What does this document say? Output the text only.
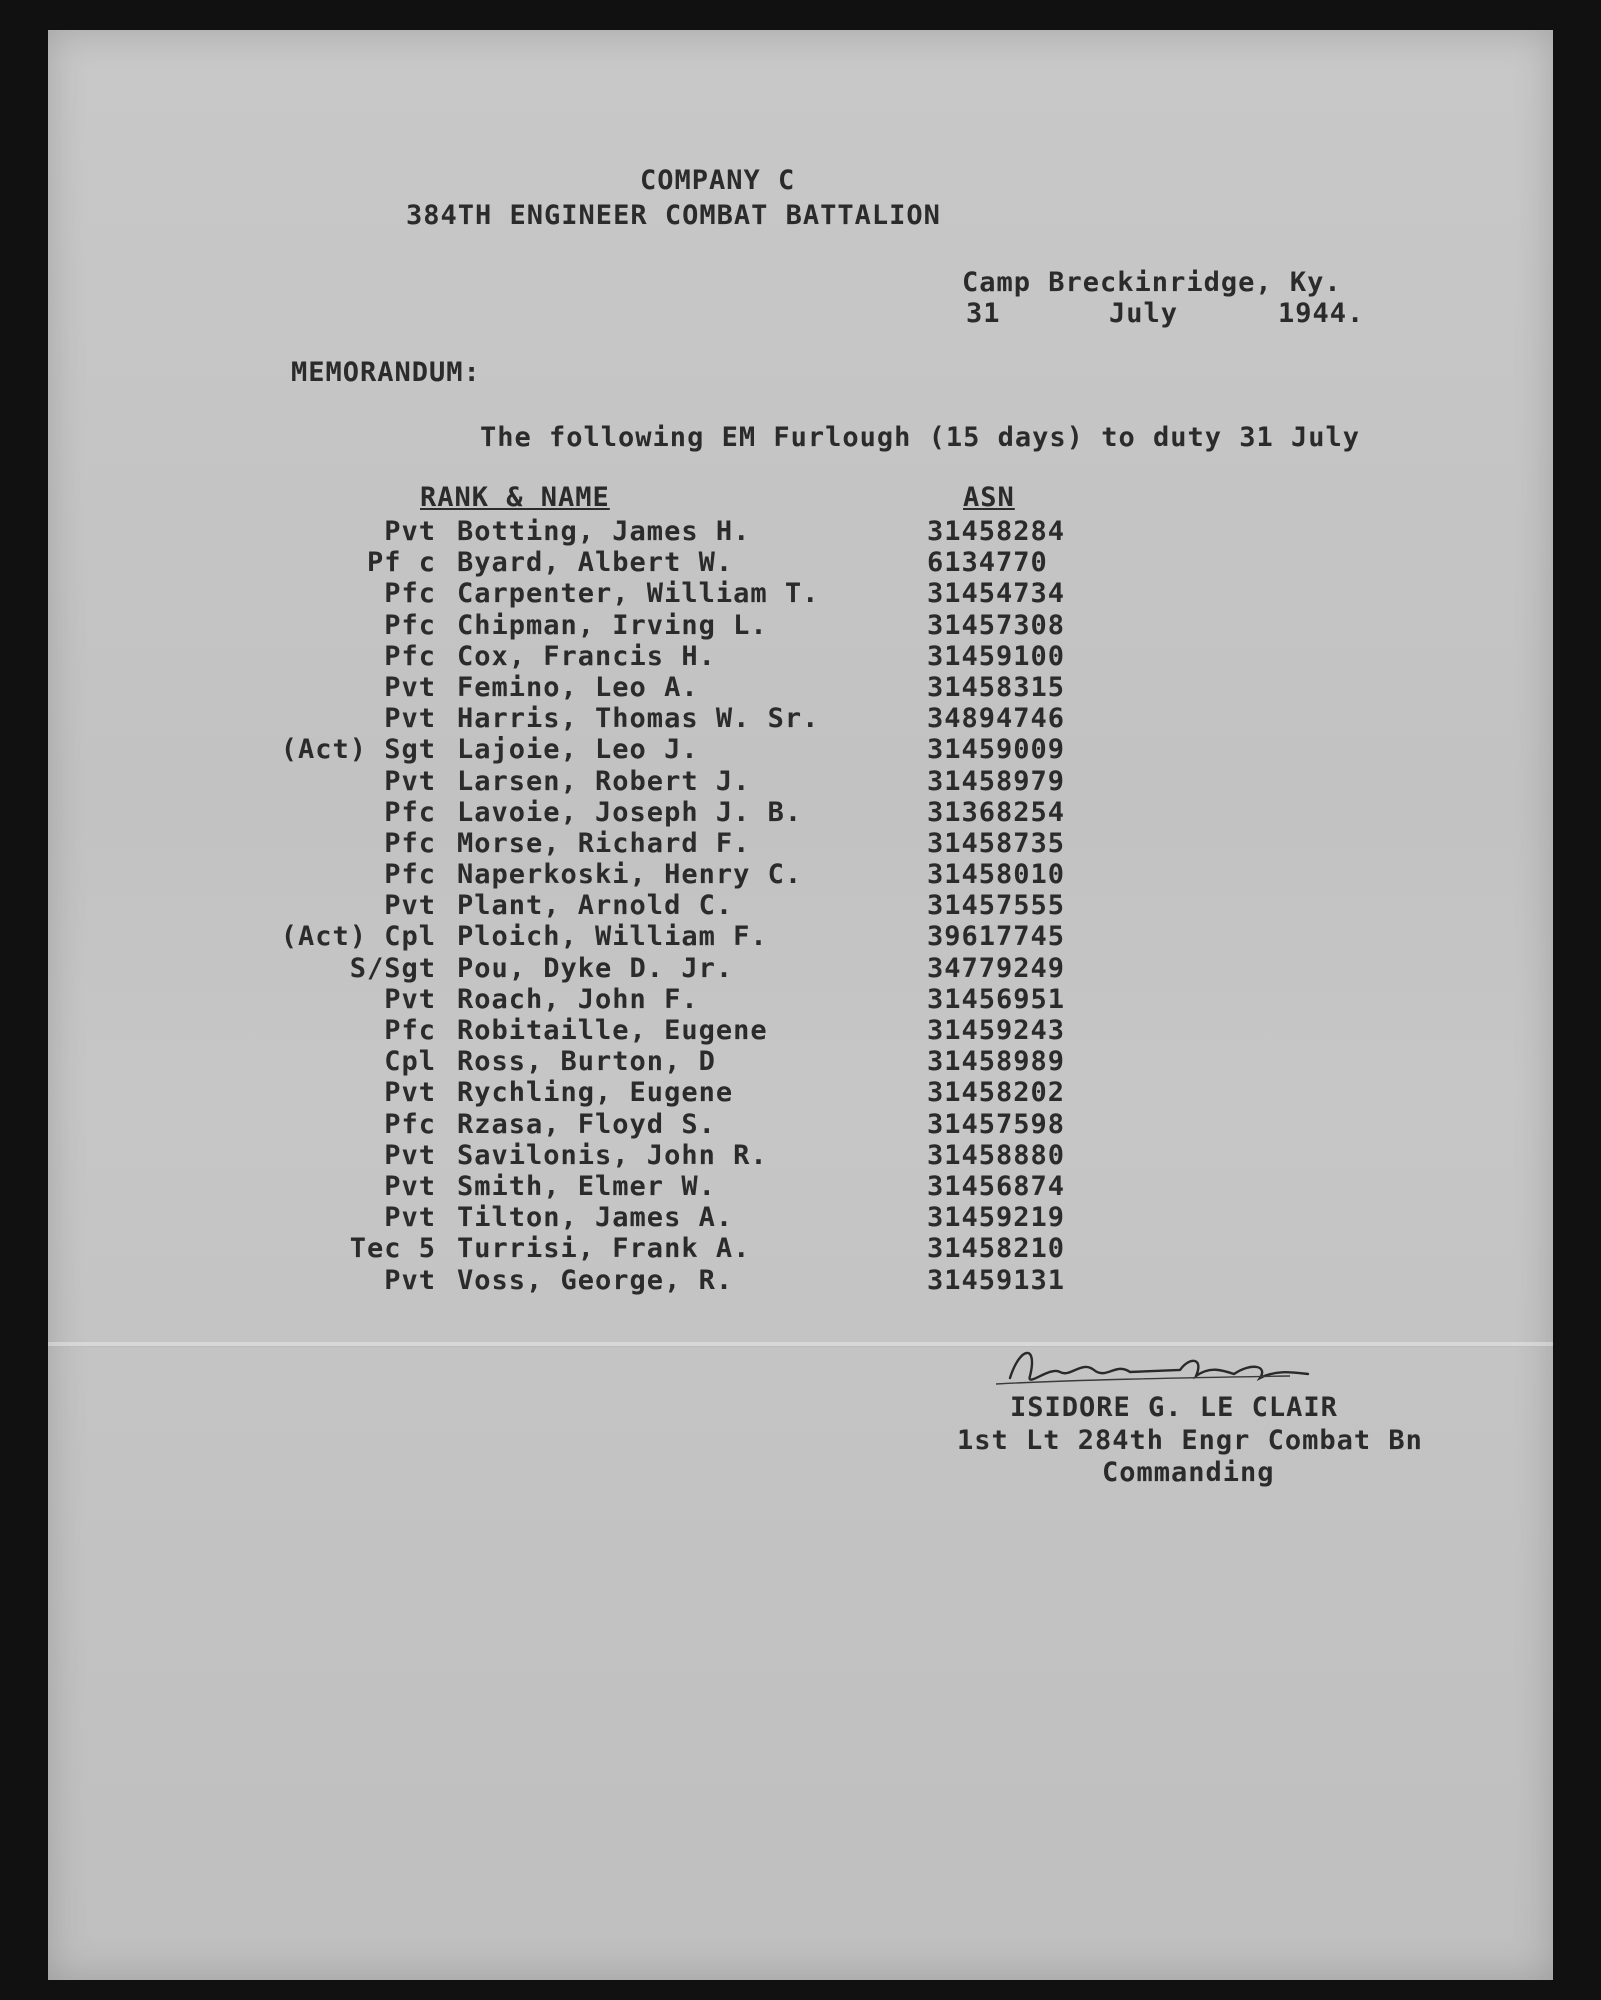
COMPANY C
384TH ENGINEER COMBAT BATTALION
Camp Breckinridge, Ky.
31	July	1944.
MEMORANDUM:
The following EM Furlough (15 days) to duty 31 July
RANK & NAME	ASN
Pvt Botting, James H.	31458284
Pf c Byard, Albert W.	6134770
Pfc Carpenter, William T.	31454734
Pfc Chipman, Irving L.	31457308
Pfc Cox, Francis H.	31459100
Pvt Femino, Leo A.	31458315
Pvt Harris, Thomas W. Sr.	34894746
(Act) Sgt Lajoie, Leo J.	31459009
Pvt Larsen, Robert J.	31458979
Pfc Lavoie, Joseph J. B.	31368254
Pfc Morse, Richard F.	31458735
Pfc Naperkoski, Henry C.	31458010
Pvt Plant, Arnold C.	31457555
(Act) Cpl Ploich, William F.	39617745
S/Sgt Pou, Dyke D. Jr.	34779249
Pvt Roach, John F.	31456951
Pfc Robitaille, Eugene	31459243
Cpl Ross, Burton, D	31458989
Pvt Rychling, Eugene	31458202
Pfc Rzasa, Floyd S.	31457598
Pvt Savilonis, John R.	31458880
Pvt Smith, Elmer W.	31456874
Pvt Tilton, James A.	31459219
Tec 5 Turrisi, Frank A.	31458210
Pvt Voss, George, R.	31459131
ISIDORE G. LE CLAIR
1st Lt 284th Engr Combat Bn
Commanding
